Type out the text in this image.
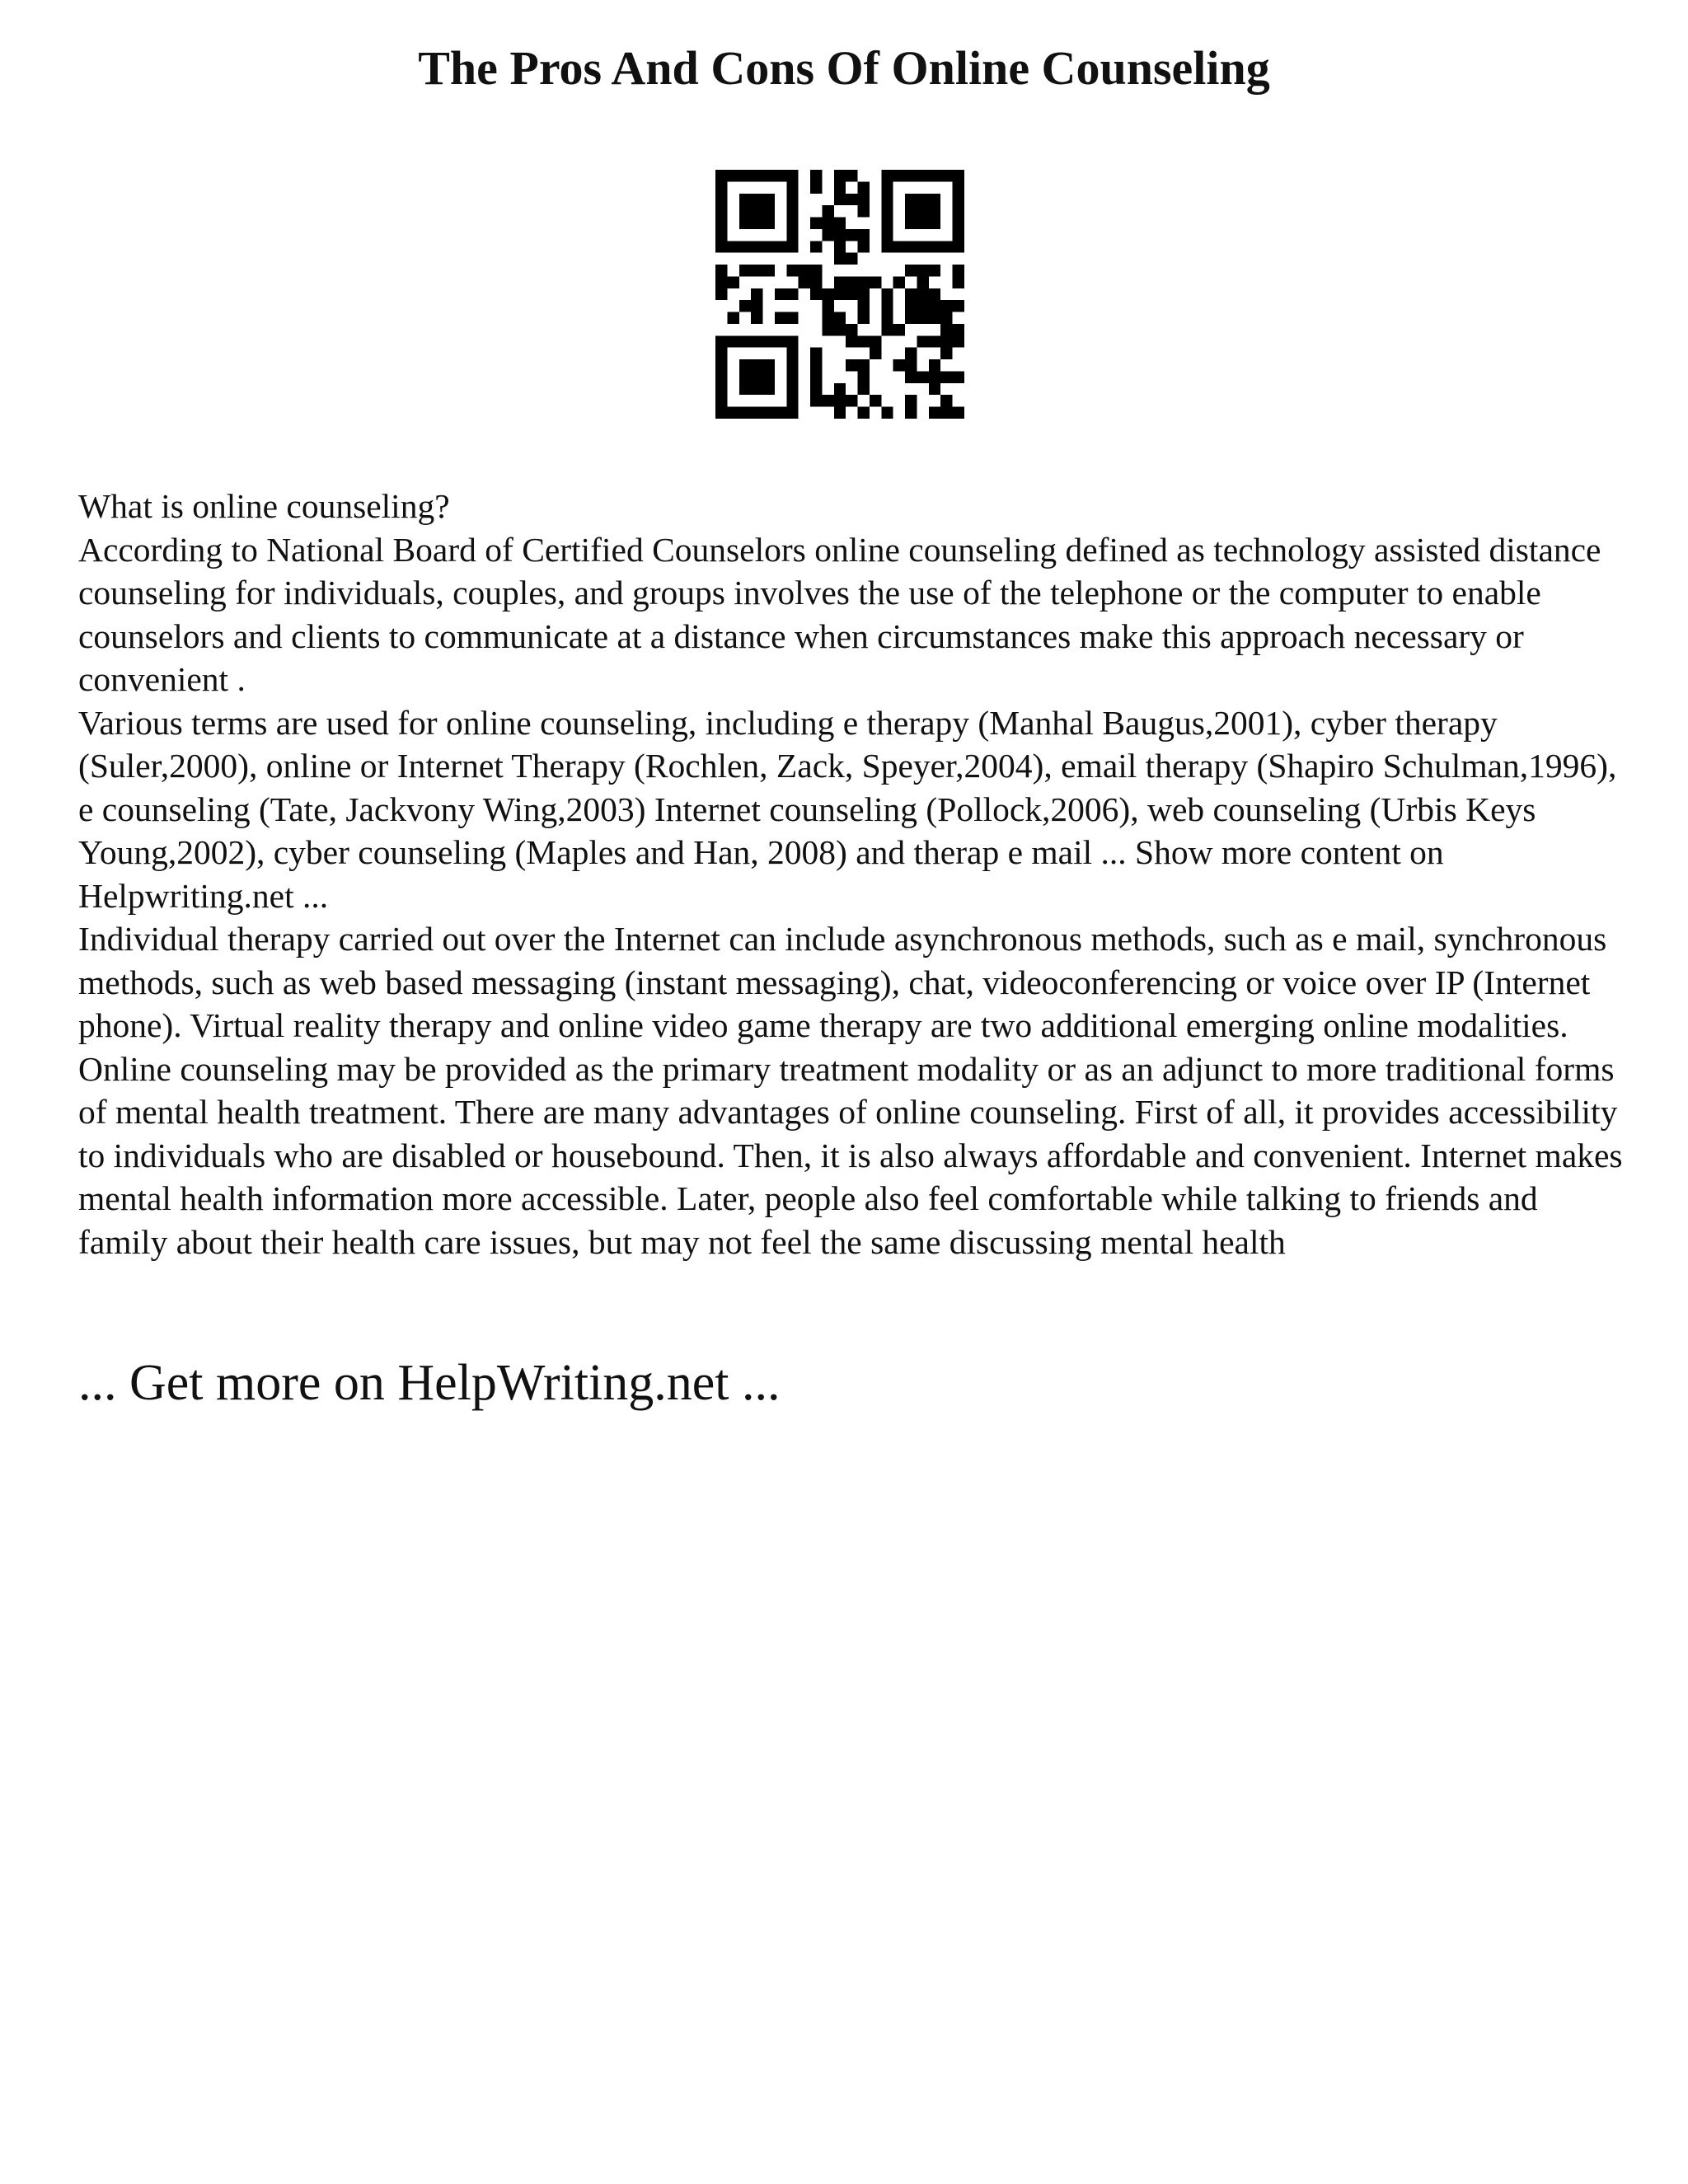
The Pros And Cons Of Online Counseling

What is online counseling?

According to National Board of Certified Counselors online counseling defined as technology assisted distance counseling for individuals, couples, and groups involves the use of the telephone or the computer to enable counselors and clients to communicate at a distance when circumstances make this approach necessary or convenient .

Various terms are used for online counseling, including e therapy (Manhal Baugus,2001), cyber therapy (Suler,2000), online or Internet Therapy (Rochlen, Zack, Speyer,2004), email therapy (Shapiro Schulman,1996), e counseling (Tate, Jackvony Wing,2003) Internet counseling (Pollock,2006), web counseling (Urbis Keys Young,2002), cyber counseling (Maples and Han, 2008) and therap e mail ... Show more content on Helpwriting.net ...

Individual therapy carried out over the Internet can include asynchronous methods, such as e mail, synchronous methods, such as web based messaging (instant messaging), chat, videoconferencing or voice over IP (Internet phone). Virtual reality therapy and online video game therapy are two additional emerging online modalities. Online counseling may be provided as the primary treatment modality or as an adjunct to more traditional forms of mental health treatment. There are many advantages of online counseling. First of all, it provides accessibility to individuals who are disabled or housebound. Then, it is also always affordable and convenient. Internet makes mental health information more accessible. Later, people also feel comfortable while talking to friends and family about their health care issues, but may not feel the same discussing mental health

... Get more on HelpWriting.net ...
